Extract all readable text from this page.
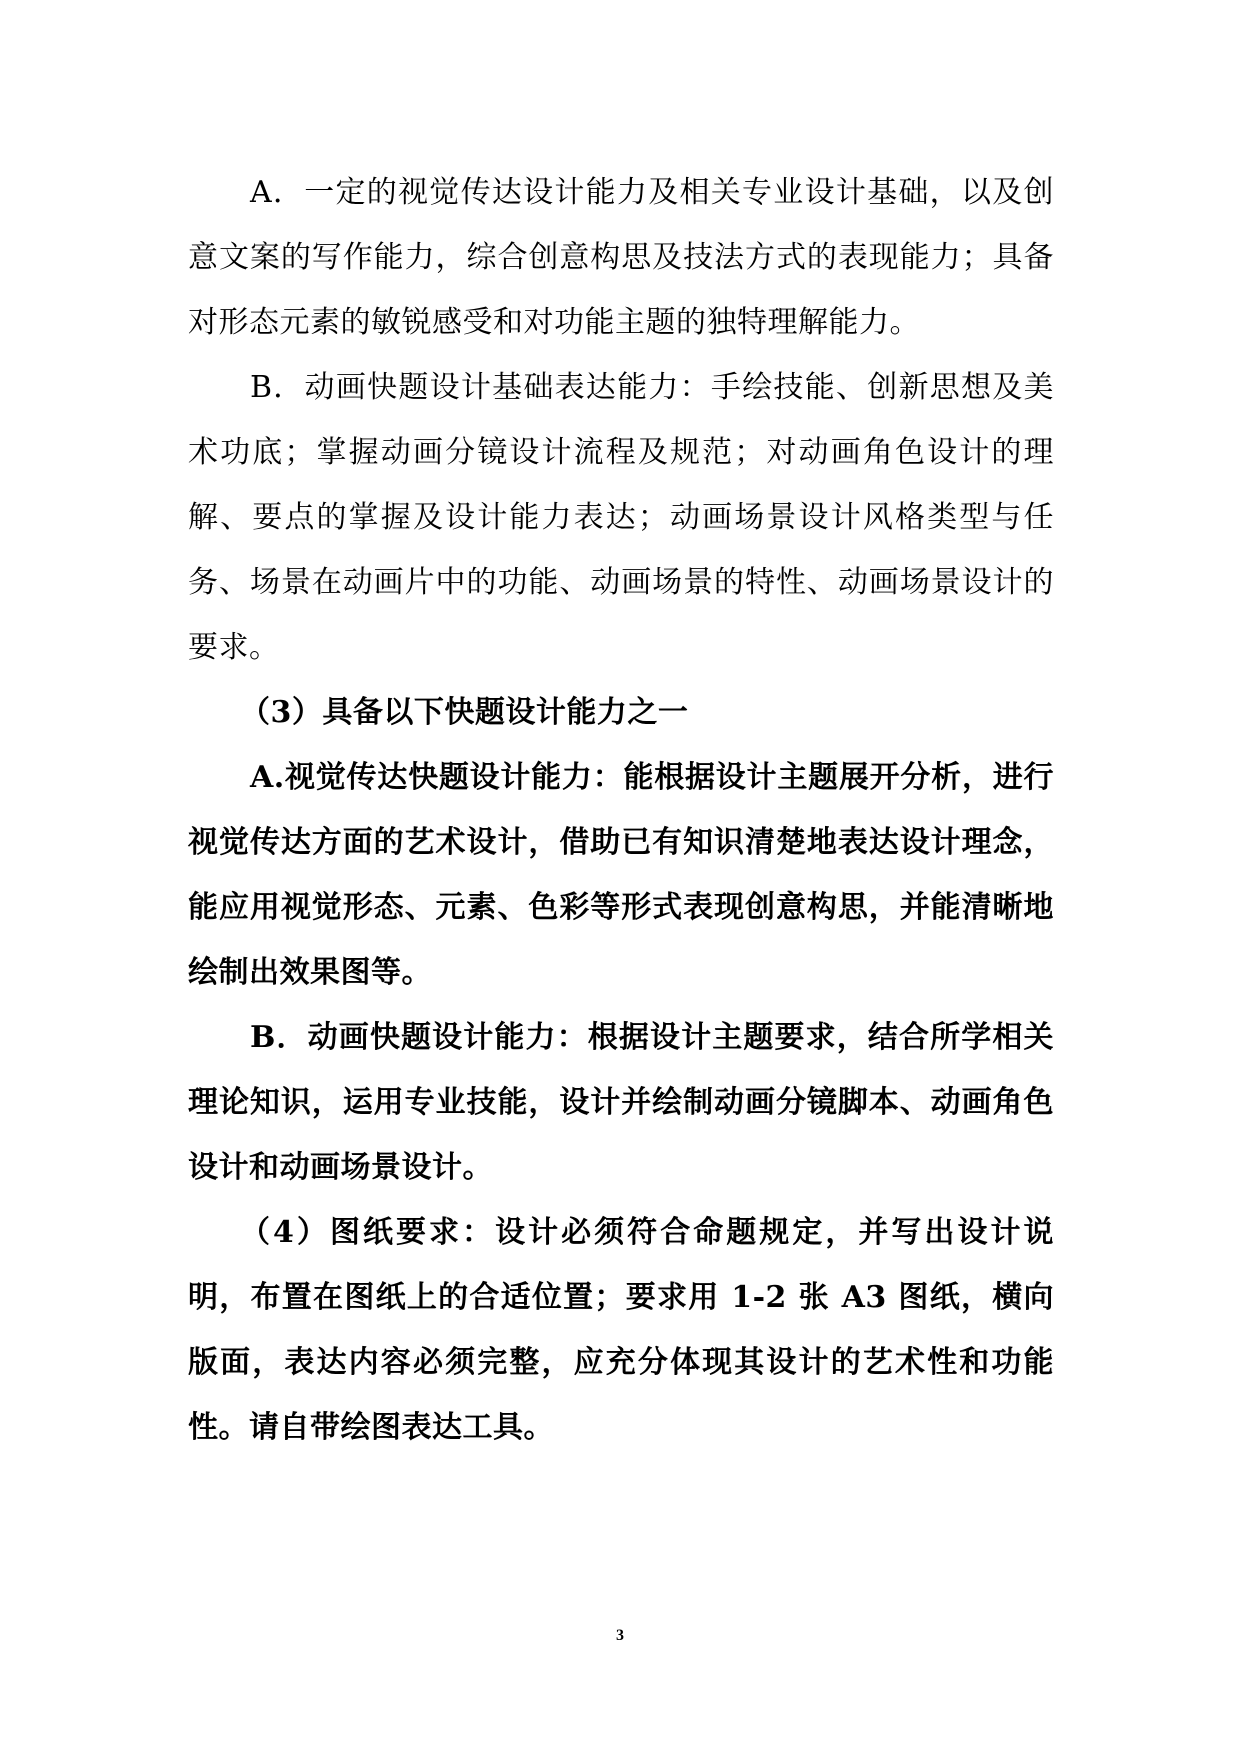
A．一定的视觉传达设计能力及相关专业设计基础，以及创意文案的写作能力，综合创意构思及技法方式的表现能力；具备对形态元素的敏锐感受和对功能主题的独特理解能力。

B．动画快题设计基础表达能力：手绘技能、创新思想及美术功底；掌握动画分镜设计流程及规范；对动画角色设计的理解、要点的掌握及设计能力表达；动画场景设计风格类型与任务、场景在动画片中的功能、动画场景的特性、动画场景设计的要求。

（3）具备以下快题设计能力之一

A.视觉传达快题设计能力：能根据设计主题展开分析，进行视觉传达方面的艺术设计，借助已有知识清楚地表达设计理念，能应用视觉形态、元素、色彩等形式表现创意构思，并能清晰地绘制出效果图等。

B．动画快题设计能力：根据设计主题要求，结合所学相关理论知识，运用专业技能，设计并绘制动画分镜脚本、动画角色设计和动画场景设计。

（4）图纸要求：设计必须符合命题规定，并写出设计说明，布置在图纸上的合适位置；要求用 1-2 张 A3 图纸，横向版面，表达内容必须完整，应充分体现其设计的艺术性和功能性。请自带绘图表达工具。

3
